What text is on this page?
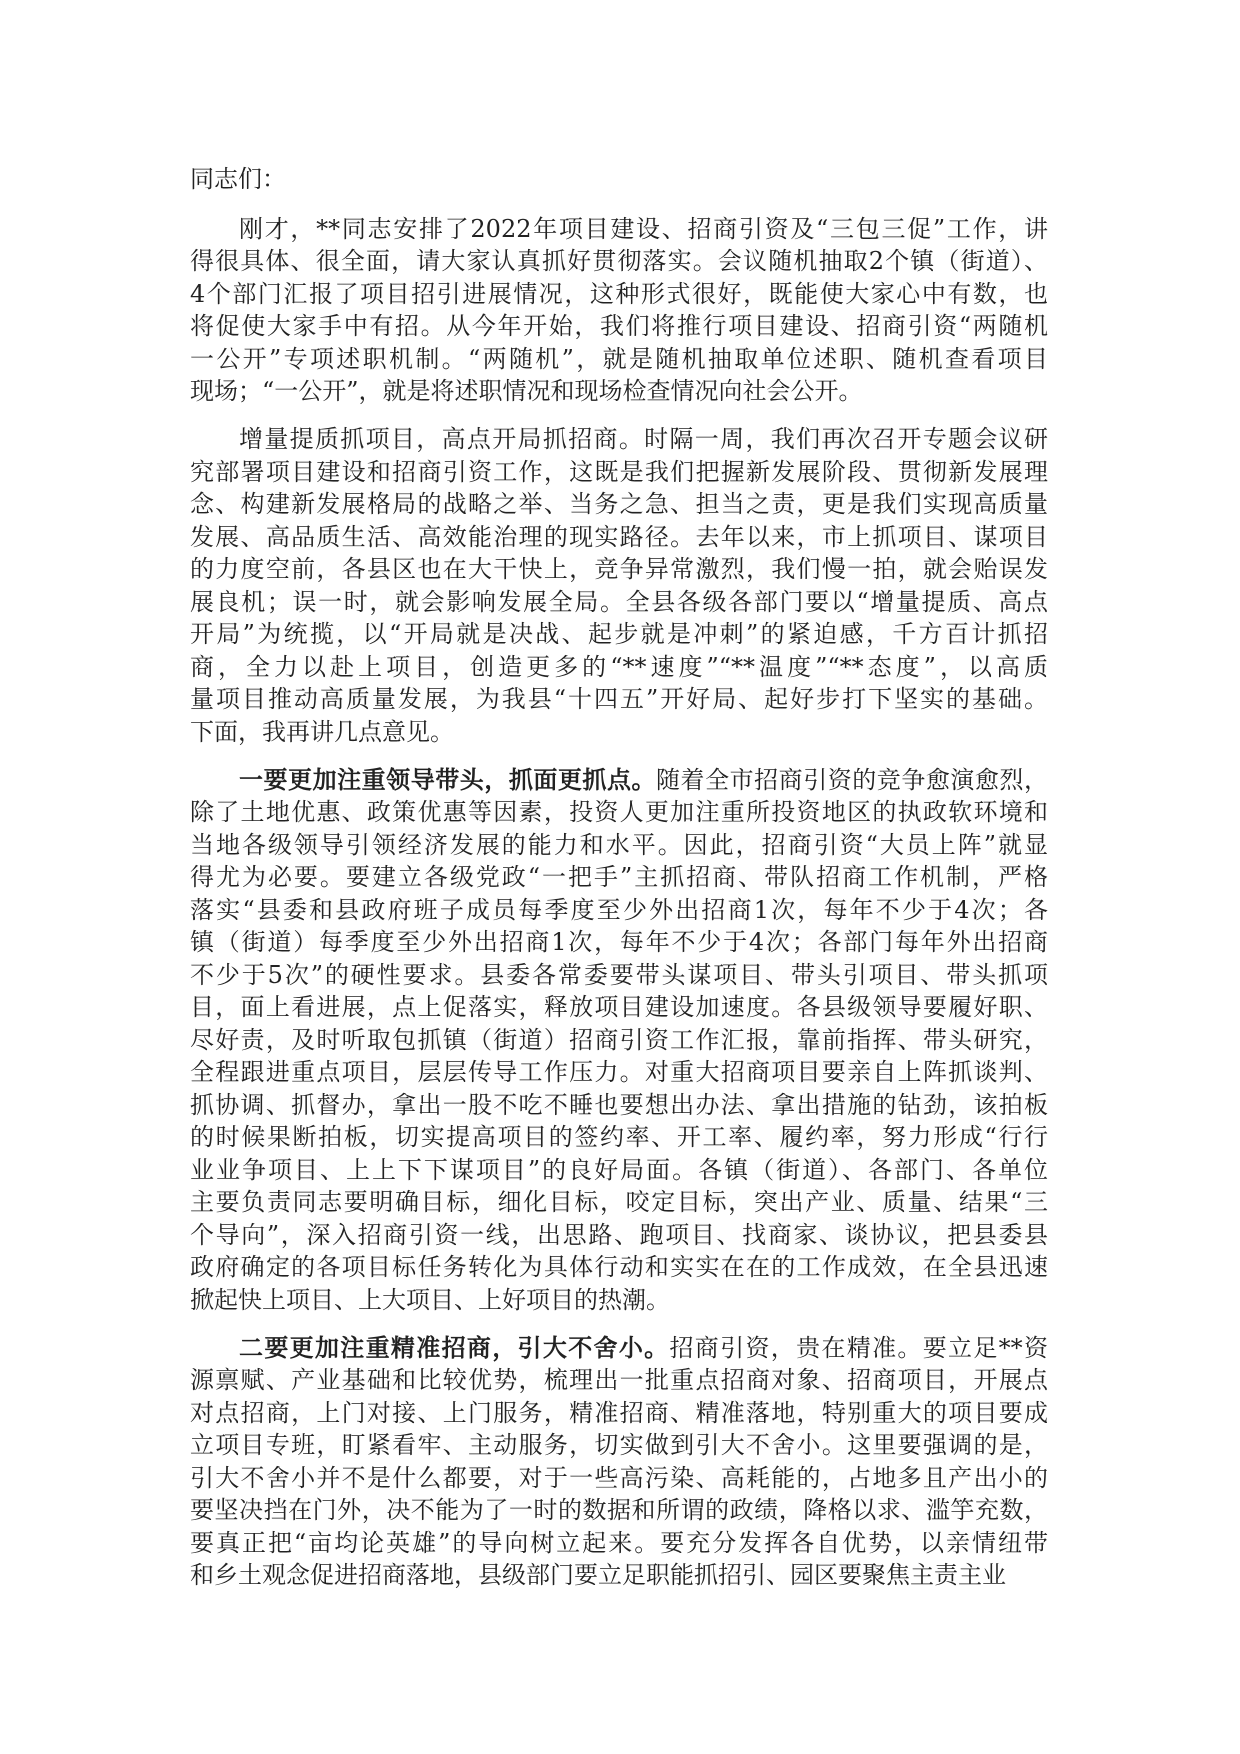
同志们：
刚才，**同志安排了2022年项目建设、招商引资及“三包三促”工作，讲
得很具体、很全面，请大家认真抓好贯彻落实。会议随机抽取2个镇（街道）、
4个部门汇报了项目招引进展情况，这种形式很好，既能使大家心中有数，也
将促使大家手中有招。从今年开始，我们将推行项目建设、招商引资“两随机
一公开”专项述职机制。“两随机”，就是随机抽取单位述职、随机查看项目
现场；“一公开”，就是将述职情况和现场检查情况向社会公开。
增量提质抓项目，高点开局抓招商。时隔一周，我们再次召开专题会议研
究部署项目建设和招商引资工作，这既是我们把握新发展阶段、贯彻新发展理
念、构建新发展格局的战略之举、当务之急、担当之责，更是我们实现高质量
发展、高品质生活、高效能治理的现实路径。去年以来，市上抓项目、谋项目
的力度空前，各县区也在大干快上，竞争异常激烈，我们慢一拍，就会贻误发
展良机；误一时，就会影响发展全局。全县各级各部门要以“增量提质、高点
开局”为统揽，以“开局就是决战、起步就是冲刺”的紧迫感，千方百计抓招
商，全力以赴上项目，创造更多的“**速度”“**温度”“**态度”，以高质
量项目推动高质量发展，为我县“十四五”开好局、起好步打下坚实的基础。
下面，我再讲几点意见。
一要更加注重领导带头，抓面更抓点。随着全市招商引资的竞争愈演愈烈，
除了土地优惠、政策优惠等因素，投资人更加注重所投资地区的执政软环境和
当地各级领导引领经济发展的能力和水平。因此，招商引资“大员上阵”就显
得尤为必要。要建立各级党政“一把手”主抓招商、带队招商工作机制，严格
落实“县委和县政府班子成员每季度至少外出招商1次，每年不少于4次；各
镇（街道）每季度至少外出招商1次，每年不少于4次；各部门每年外出招商
不少于5次”的硬性要求。县委各常委要带头谋项目、带头引项目、带头抓项
目，面上看进展，点上促落实，释放项目建设加速度。各县级领导要履好职、
尽好责，及时听取包抓镇（街道）招商引资工作汇报，靠前指挥、带头研究，
全程跟进重点项目，层层传导工作压力。对重大招商项目要亲自上阵抓谈判、
抓协调、抓督办，拿出一股不吃不睡也要想出办法、拿出措施的钻劲，该拍板
的时候果断拍板，切实提高项目的签约率、开工率、履约率，努力形成“行行
业业争项目、上上下下谋项目”的良好局面。各镇（街道）、各部门、各单位
主要负责同志要明确目标，细化目标，咬定目标，突出产业、质量、结果“三
个导向”，深入招商引资一线，出思路、跑项目、找商家、谈协议，把县委县
政府确定的各项目标任务转化为具体行动和实实在在的工作成效，在全县迅速
掀起快上项目、上大项目、上好项目的热潮。
二要更加注重精准招商，引大不舍小。招商引资，贵在精准。要立足**资
源禀赋、产业基础和比较优势，梳理出一批重点招商对象、招商项目，开展点
对点招商，上门对接、上门服务，精准招商、精准落地，特别重大的项目要成
立项目专班，盯紧看牢、主动服务，切实做到引大不舍小。这里要强调的是，
引大不舍小并不是什么都要，对于一些高污染、高耗能的，占地多且产出小的
要坚决挡在门外，决不能为了一时的数据和所谓的政绩，降格以求、滥竽充数，
要真正把“亩均论英雄”的导向树立起来。要充分发挥各自优势，以亲情纽带
和乡土观念促进招商落地，县级部门要立足职能抓招引、园区要聚焦主责主业
